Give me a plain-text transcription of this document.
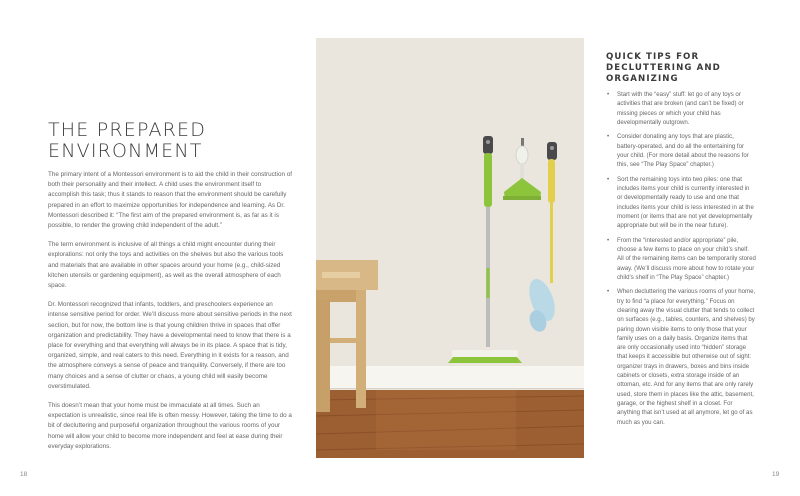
THE PREPARED
ENVIRONMENT

The primary intent of a Montessori environment is to aid the child in their construction of both their personality and their intellect. A child uses the environment itself to accomplish this task; thus it stands to reason that the environment should be carefully prepared in an effort to maximize opportunities for independence and learning. As Dr. Montessori described it: “The first aim of the prepared environment is, as far as it is possible, to render the growing child independent of the adult.”

The term environment is inclusive of all things a child might encounter during their explorations: not only the toys and activities on the shelves but also the various tools and materials that are available in other spaces around your home (e.g., child-sized kitchen utensils or gardening equipment), as well as the overall atmosphere of each space.

Dr. Montessori recognized that infants, toddlers, and preschoolers experience an intense sensitive period for order. We’ll discuss more about sensitive periods in the next section, but for now, the bottom line is that young children thrive in spaces that offer organization and predictability. They have a developmental need to know that there is a place for everything and that everything will always be in its place. A space that is tidy, organized, simple, and real caters to this need. Everything in it exists for a reason, and the atmosphere conveys a sense of peace and tranquility. Conversely, if there are too many choices and a sense of clutter or chaos, a young child will easily become overstimulated.

This doesn’t mean that your home must be immaculate at all times. Such an expectation is unrealistic, since real life is often messy. However, taking the time to do a bit of decluttering and purposeful organization throughout the various rooms of your home will allow your child to become more independent and feel at ease during their everyday explorations.

18
QUICK TIPS FOR
DECLUTTERING AND
ORGANIZING
• Start with the “easy” stuff: let go of any toys or activities that are broken (and can’t be fixed) or missing pieces or which your child has developmentally outgrown.
• Consider donating any toys that are plastic, battery-operated, and do all the entertaining for your child. (For more detail about the reasons for this, see “The Play Space” chapter.)
• Sort the remaining toys into two piles: one that includes items your child is currently interested in or developmentally ready to use and one that includes items your child is less interested in at the moment (or items that are not yet developmentally appropriate but will be in the near future).
• From the “interested and/or appropriate” pile, choose a few items to place on your child’s shelf. All of the remaining items can be temporarily stored away. (We’ll discuss more about how to rotate your child’s shelf in “The Play Space” chapter.)
• When decluttering the various rooms of your home, try to find “a place for everything.” Focus on clearing away the visual clutter that tends to collect on surfaces (e.g., tables, counters, and shelves) by paring down visible items to only those that your family uses on a daily basis. Organize items that are only occasionally used into “hidden” storage that keeps it accessible but otherwise out of sight: organizer trays in drawers, boxes and bins inside cabinets or closets, extra storage inside of an ottoman, etc. And for any items that are only rarely used, store them in places like the attic, basement, garage, or the highest shelf in a closet. For anything that isn’t used at all anymore, let go of as much as you can.
19
